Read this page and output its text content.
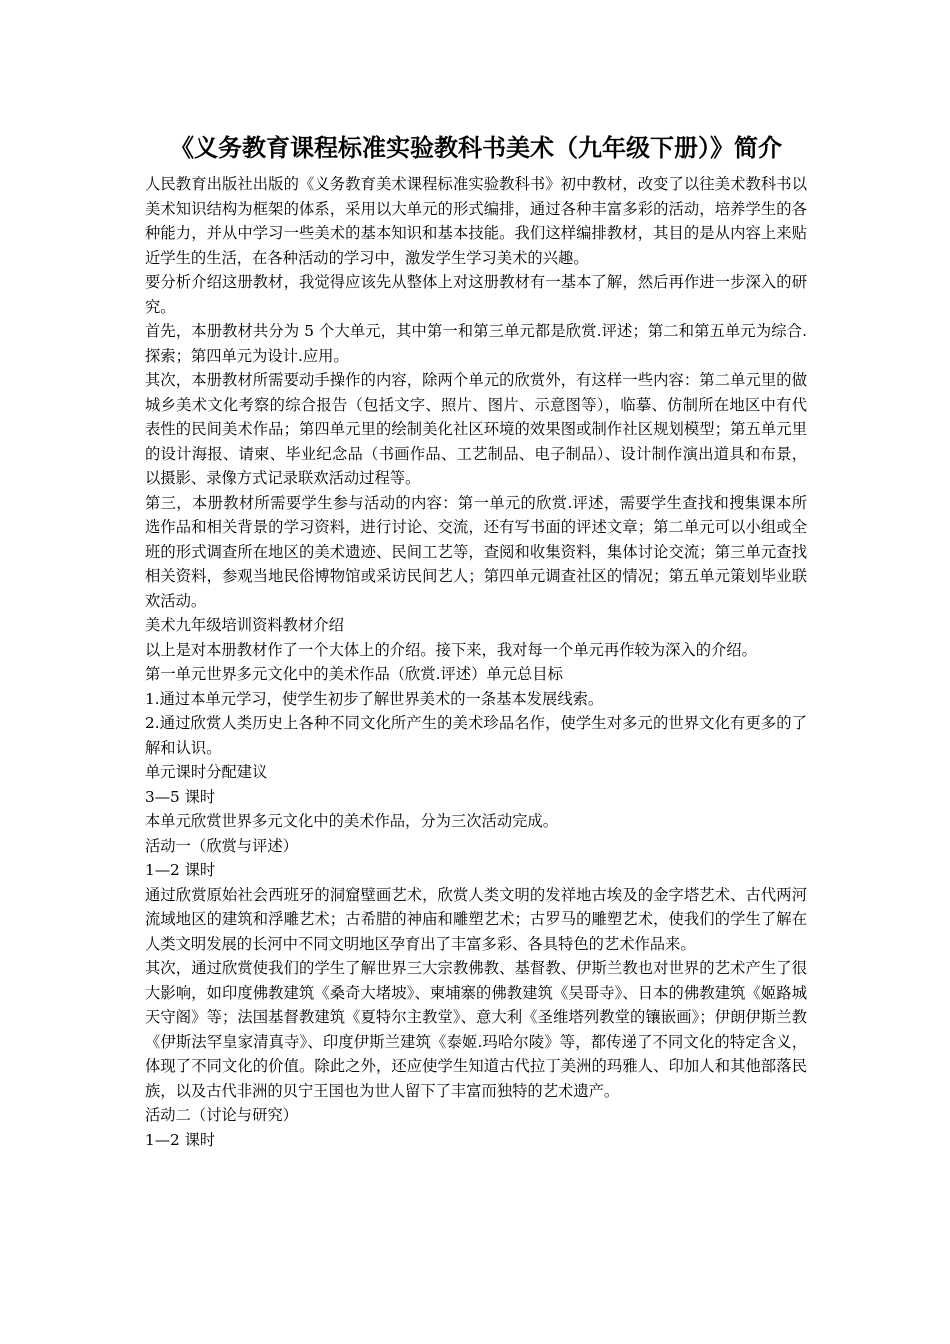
《义务教育课程标准实验教科书美术（九年级下册）》简介

人民教育出版社出版的《义务教育美术课程标准实验教科书》初中教材，改变了以往美术教科书以美术知识结构为框架的体系，采用以大单元的形式编排，通过各种丰富多彩的活动，培养学生的各种能力，并从中学习一些美术的基本知识和基本技能。我们这样编排教材，其目的是从内容上来贴近学生的生活，在各种活动的学习中，激发学生学习美术的兴趣。

要分析介绍这册教材，我觉得应该先从整体上对这册教材有一基本了解，然后再作进一步深入的研究。

首先，本册教材共分为 5 个大单元，其中第一和第三单元都是欣赏.评述；第二和第五单元为综合.探索；第四单元为设计.应用。

其次，本册教材所需要动手操作的内容，除两个单元的欣赏外，有这样一些内容：第二单元里的做城乡美术文化考察的综合报告（包括文字、照片、图片、示意图等），临摹、仿制所在地区中有代表性的民间美术作品；第四单元里的绘制美化社区环境的效果图或制作社区规划模型；第五单元里的设计海报、请柬、毕业纪念品（书画作品、工艺制品、电子制品）、设计制作演出道具和布景，以摄影、录像方式记录联欢活动过程等。

第三，本册教材所需要学生参与活动的内容：第一单元的欣赏.评述，需要学生查找和搜集课本所选作品和相关背景的学习资料，进行讨论、交流，还有写书面的评述文章；第二单元可以小组或全班的形式调查所在地区的美术遗迹、民间工艺等，查阅和收集资料，集体讨论交流；第三单元查找相关资料，参观当地民俗博物馆或采访民间艺人；第四单元调查社区的情况；第五单元策划毕业联欢活动。

美术九年级培训资料教材介绍

以上是对本册教材作了一个大体上的介绍。接下来，我对每一个单元再作较为深入的介绍。

第一单元世界多元文化中的美术作品（欣赏.评述）单元总目标

1.通过本单元学习，使学生初步了解世界美术的一条基本发展线索。

2.通过欣赏人类历史上各种不同文化所产生的美术珍品名作，使学生对多元的世界文化有更多的了解和认识。

单元课时分配建议

3—5 课时

本单元欣赏世界多元文化中的美术作品，分为三次活动完成。

活动一（欣赏与评述）

1—2 课时

通过欣赏原始社会西班牙的洞窟壁画艺术，欣赏人类文明的发祥地古埃及的金字塔艺术、古代两河流域地区的建筑和浮雕艺术；古希腊的神庙和雕塑艺术；古罗马的雕塑艺术，使我们的学生了解在人类文明发展的长河中不同文明地区孕育出了丰富多彩、各具特色的艺术作品来。

其次，通过欣赏使我们的学生了解世界三大宗教佛教、基督教、伊斯兰教也对世界的艺术产生了很大影响，如印度佛教建筑《桑奇大堵坡》、柬埔寨的佛教建筑《吴哥寺》、日本的佛教建筑《姬路城天守阁》等；法国基督教建筑《夏特尔主教堂》、意大利《圣维塔列教堂的镶嵌画》；伊朗伊斯兰教《伊斯法罕皇家清真寺》、印度伊斯兰建筑《泰姬.玛哈尔陵》等，都传递了不同文化的特定含义，体现了不同文化的价值。除此之外，还应使学生知道古代拉丁美洲的玛雅人、印加人和其他部落民族，以及古代非洲的贝宁王国也为世人留下了丰富而独特的艺术遗产。

活动二（讨论与研究）

1—2 课时
